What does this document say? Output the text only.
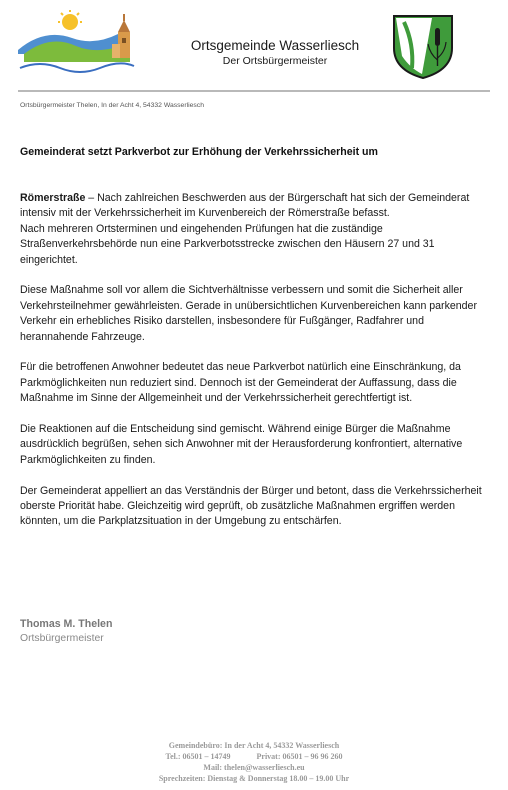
Ortsgemeinde Wasserliesch
Der Ortsbürgermeister
Ortsbürgermeister Thelen, In der Acht 4, 54332 Wasserliesch
Gemeinderat setzt Parkverbot zur Erhöhung der Verkehrssicherheit um

Römerstraße – Nach zahlreichen Beschwerden aus der Bürgerschaft hat sich der Gemeinderat intensiv mit der Verkehrssicherheit im Kurvenbereich der Römerstraße befasst.
Nach mehreren Ortsterminen und eingehenden Prüfungen hat die zuständige Straßenverkehrsbehörde nun eine Parkverbotsstrecke zwischen den Häusern 27 und 31 eingerichtet.

Diese Maßnahme soll vor allem die Sichtverhältnisse verbessern und somit die Sicherheit aller Verkehrsteilnehmer gewährleisten. Gerade in unübersichtlichen Kurvenbereichen kann parkender Verkehr ein erhebliches Risiko darstellen, insbesondere für Fußgänger, Radfahrer und herannahende Fahrzeuge.

Für die betroffenen Anwohner bedeutet das neue Parkverbot natürlich eine Einschränkung, da Parkmöglichkeiten nun reduziert sind. Dennoch ist der Gemeinderat der Auffassung, dass die Maßnahme im Sinne der Allgemeinheit und der Verkehrssicherheit gerechtfertigt ist.

Die Reaktionen auf die Entscheidung sind gemischt. Während einige Bürger die Maßnahme ausdrücklich begrüßen, sehen sich Anwohner mit der Herausforderung konfrontiert, alternative Parkmöglichkeiten zu finden.

Der Gemeinderat appelliert an das Verständnis der Bürger und betont, dass die Verkehrssicherheit oberste Priorität habe. Gleichzeitig wird geprüft, ob zusätzliche Maßnahmen ergriffen werden könnten, um die Parkplatzsituation in der Umgebung zu entschärfen.

Thomas M. Thelen
Ortsbürgermeister
Gemeindebüro: In der Acht 4, 54332 Wasserliesch
Tel.: 06501 – 14749	Privat: 06501 – 96 96 260
Mail: thelen@wasserliesch.eu
Sprechzeiten: Dienstag & Donnerstag 18.00 – 19.00 Uhr
